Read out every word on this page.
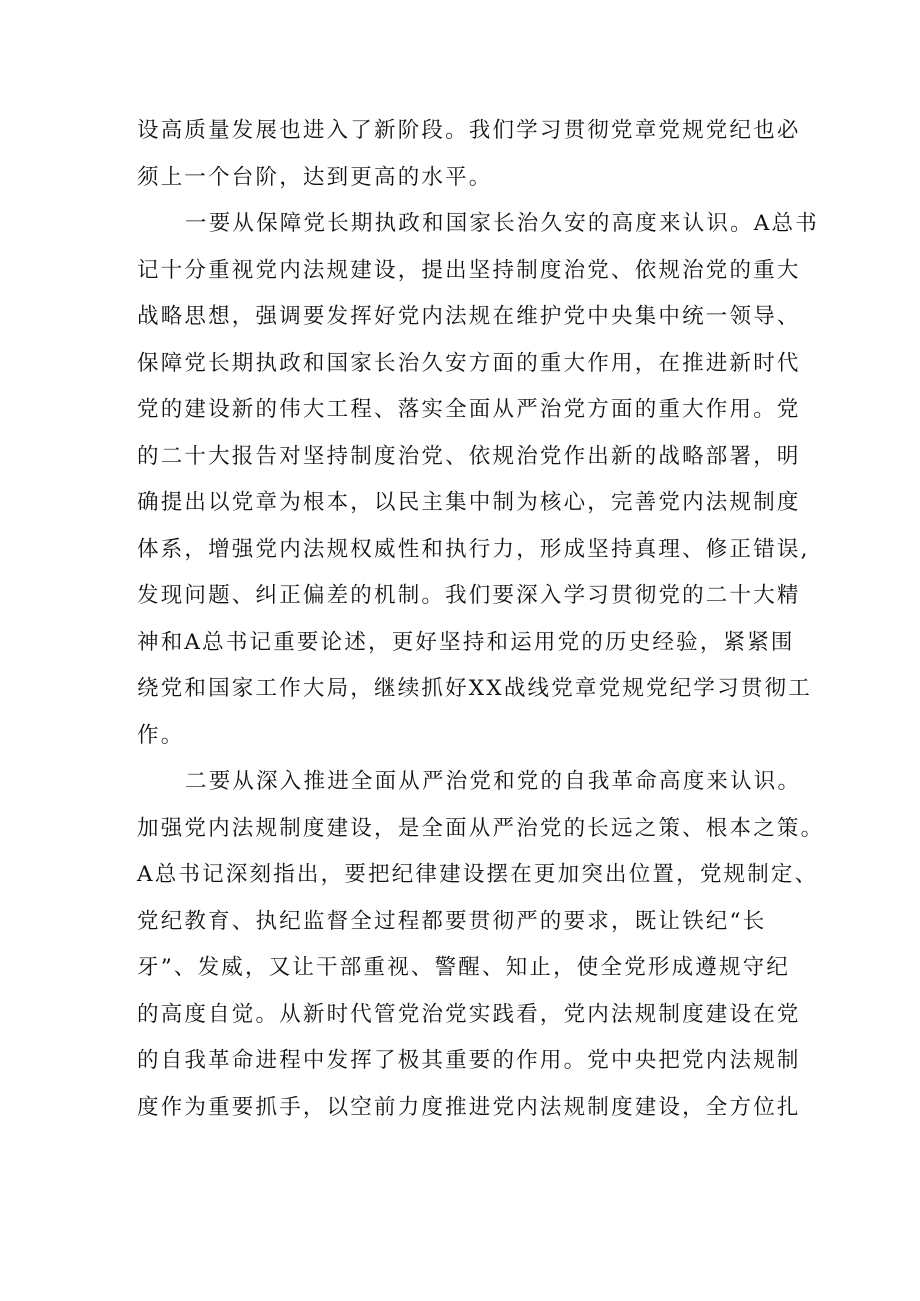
设高质量发展也进入了新阶段。我们学习贯彻党章党规党纪也必
须上一个台阶，达到更高的水平。
一要从保障党长期执政和国家长治久安的高度来认识。A总书
记十分重视党内法规建设，提出坚持制度治党、依规治党的重大
战略思想，强调要发挥好党内法规在维护党中央集中统一领导、
保障党长期执政和国家长治久安方面的重大作用，在推进新时代
党的建设新的伟大工程、落实全面从严治党方面的重大作用。党
的二十大报告对坚持制度治党、依规治党作出新的战略部署，明
确提出以党章为根本，以民主集中制为核心，完善党内法规制度
体系，增强党内法规权威性和执行力，形成坚持真理、修正错误,
发现问题、纠正偏差的机制。我们要深入学习贯彻党的二十大精
神和A总书记重要论述，更好坚持和运用党的历史经验，紧紧围
绕党和国家工作大局，继续抓好XX战线党章党规党纪学习贯彻工
作。
二要从深入推进全面从严治党和党的自我革命高度来认识。
加强党内法规制度建设，是全面从严治党的长远之策、根本之策。
A总书记深刻指出，要把纪律建设摆在更加突出位置，党规制定、
党纪教育、执纪监督全过程都要贯彻严的要求，既让铁纪“长
牙”、发威，又让干部重视、警醒、知止，使全党形成遵规守纪
的高度自觉。从新时代管党治党实践看，党内法规制度建设在党
的自我革命进程中发挥了极其重要的作用。党中央把党内法规制
度作为重要抓手，以空前力度推进党内法规制度建设，全方位扎
